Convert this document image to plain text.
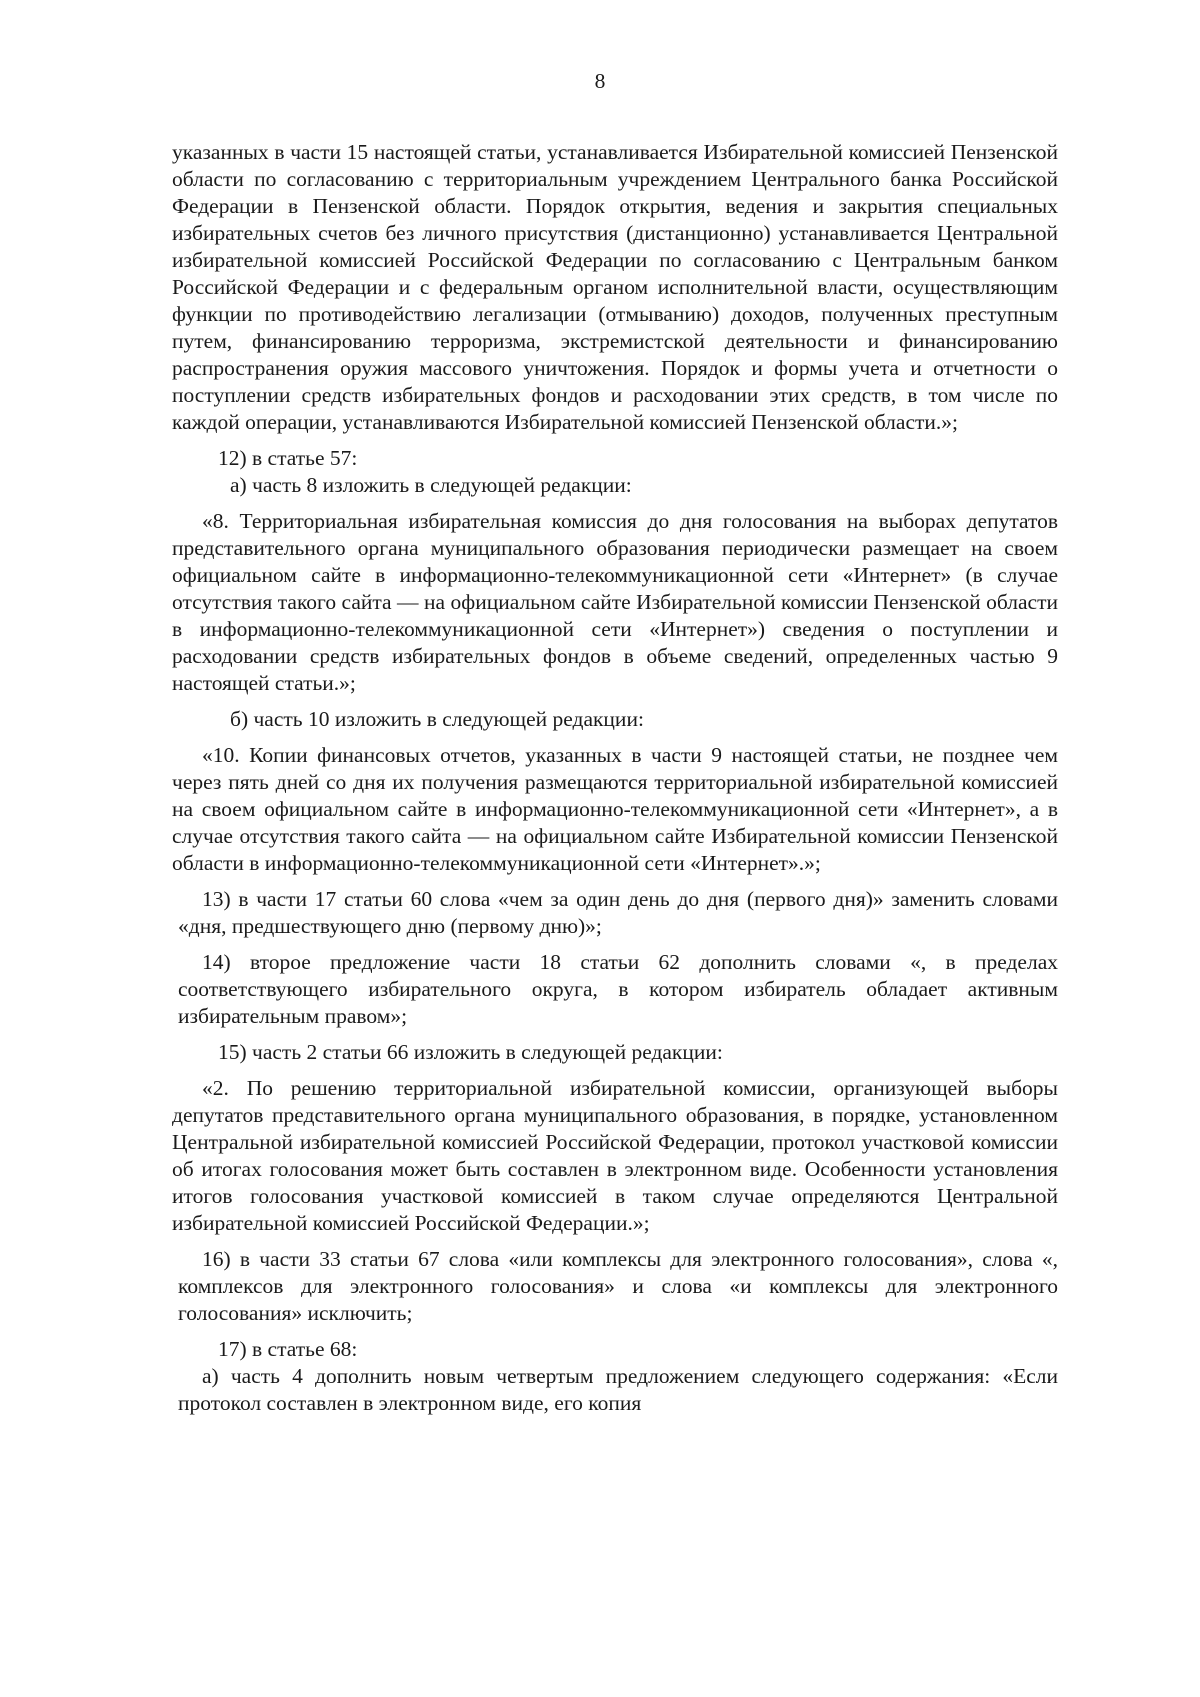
8

указанных в части 15 настоящей статьи, устанавливается Избирательной комиссией Пензенской области по согласованию с территориальным учреждением Центрального банка Российской Федерации в Пензенской области. Порядок открытия, ведения и закрытия специальных избирательных счетов без личного присутствия (дистанционно) устанавливается Центральной избирательной комиссией Российской Федерации по согласованию с Центральным банком Российской Федерации и с федеральным органом исполнительной власти, осуществляющим функции по противодействию легализации (отмыванию) доходов, полученных преступным путем, финансированию терроризма, экстремистской деятельности и финансированию распространения оружия массового уничтожения. Порядок и формы учета и отчетности о поступлении средств избирательных фондов и расходовании этих средств, в том числе по каждой операции, устанавливаются Избирательной комиссией Пензенской области.»;

12) в статье 57:

а) часть 8 изложить в следующей редакции:

«8. Территориальная избирательная комиссия до дня голосования на выборах депутатов представительного органа муниципального образования периодически размещает на своем официальном сайте в информационно-телекоммуникационной сети «Интернет» (в случае отсутствия такого сайта — на официальном сайте Избирательной комиссии Пензенской области в информационно-телекоммуникационной сети «Интернет») сведения о поступлении и расходовании средств избирательных фондов в объеме сведений, определенных частью 9 настоящей статьи.»;

б) часть 10 изложить в следующей редакции:

«10. Копии финансовых отчетов, указанных в части 9 настоящей статьи, не позднее чем через пять дней со дня их получения размещаются территориальной избирательной комиссией на своем официальном сайте в информационно-телекоммуникационной сети «Интернет», а в случае отсутствия такого сайта — на официальном сайте Избирательной комиссии Пензенской области в информационно-телекоммуникационной сети «Интернет».»;

13) в части 17 статьи 60 слова «чем за один день до дня (первого дня)» заменить словами «дня, предшествующего дню (первому дню)»;

14) второе предложение части 18 статьи 62 дополнить словами «, в пределах соответствующего избирательного округа, в котором избиратель обладает активным избирательным правом»;

15) часть 2 статьи 66 изложить в следующей редакции:

«2. По решению территориальной избирательной комиссии, организующей выборы депутатов представительного органа муниципального образования, в порядке, установленном Центральной избирательной комиссией Российской Федерации, протокол участковой комиссии об итогах голосования может быть составлен в электронном виде. Особенности установления итогов голосования участковой комиссией в таком случае определяются Центральной избирательной комиссией Российской Федерации.»;

16) в части 33 статьи 67 слова «или комплексы для электронного голосования», слова «, комплексов для электронного голосования» и слова «и комплексы для электронного голосования» исключить;

17) в статье 68:

а) часть 4 дополнить новым четвертым предложением следующего содержания: «Если протокол составлен в электронном виде, его копия
